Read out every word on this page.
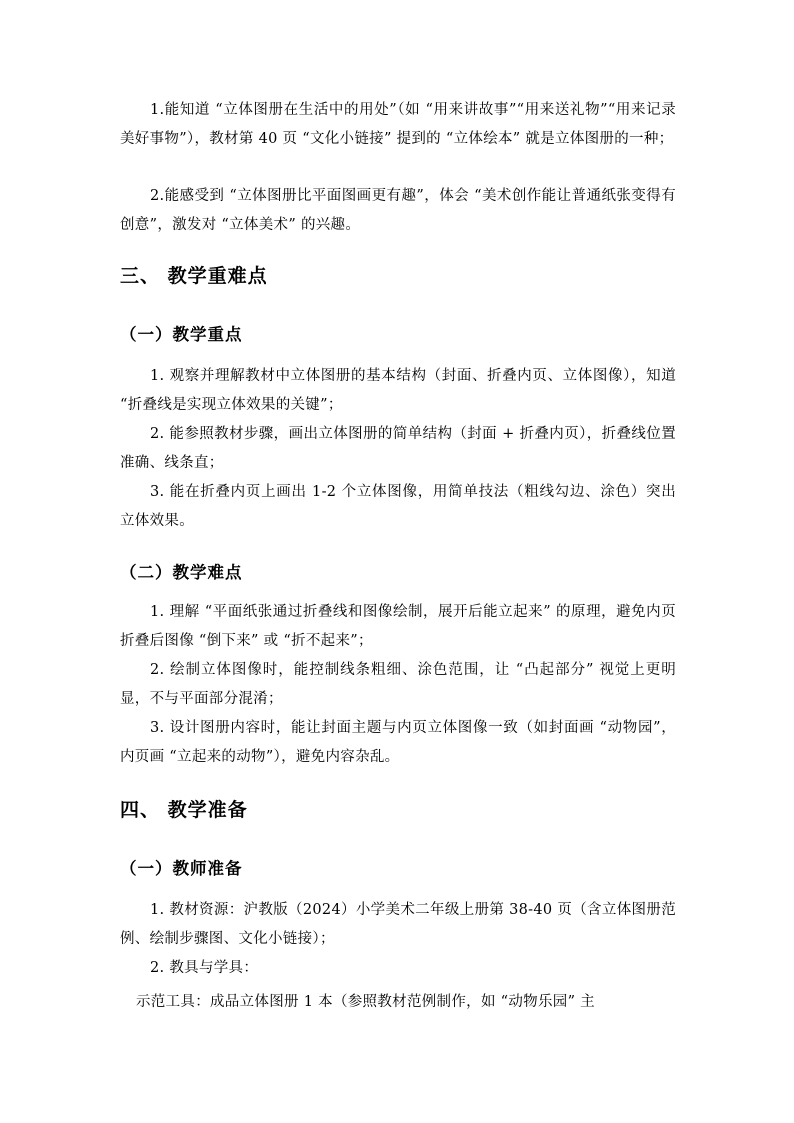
1.能知道 “立体图册在生活中的用处”（如 “用来讲故事”“用来送礼物”“用来记录美好事物”），教材第 40 页 “文化小链接” 提到的 “立体绘本” 就是立体图册的一种；

2.能感受到 “立体图册比平面图画更有趣”，体会 “美术创作能让普通纸张变得有创意”，激发对 “立体美术” 的兴趣。

三、 教学重难点
（一）教学重点

1. 观察并理解教材中立体图册的基本结构（封面、折叠内页、立体图像），知道 “折叠线是实现立体效果的关键”；

2. 能参照教材步骤，画出立体图册的简单结构（封面 + 折叠内页），折叠线位置准确、线条直；

3. 能在折叠内页上画出 1-2 个立体图像，用简单技法（粗线勾边、涂色）突出立体效果。

（二）教学难点

1. 理解 “平面纸张通过折叠线和图像绘制，展开后能立起来” 的原理，避免内页折叠后图像 “倒下来” 或 “折不起来”；

2. 绘制立体图像时，能控制线条粗细、涂色范围，让 “凸起部分” 视觉上更明显，不与平面部分混淆；

3. 设计图册内容时，能让封面主题与内页立体图像一致（如封面画 “动物园”，内页画 “立起来的动物”），避免内容杂乱。

四、 教学准备
（一）教师准备

1. 教材资源：沪教版（2024）小学美术二年级上册第 38-40 页（含立体图册范例、绘制步骤图、文化小链接）；

2. 教具与学具：

示范工具：成品立体图册 1 本（参照教材范例制作，如 “动物乐园” 主
